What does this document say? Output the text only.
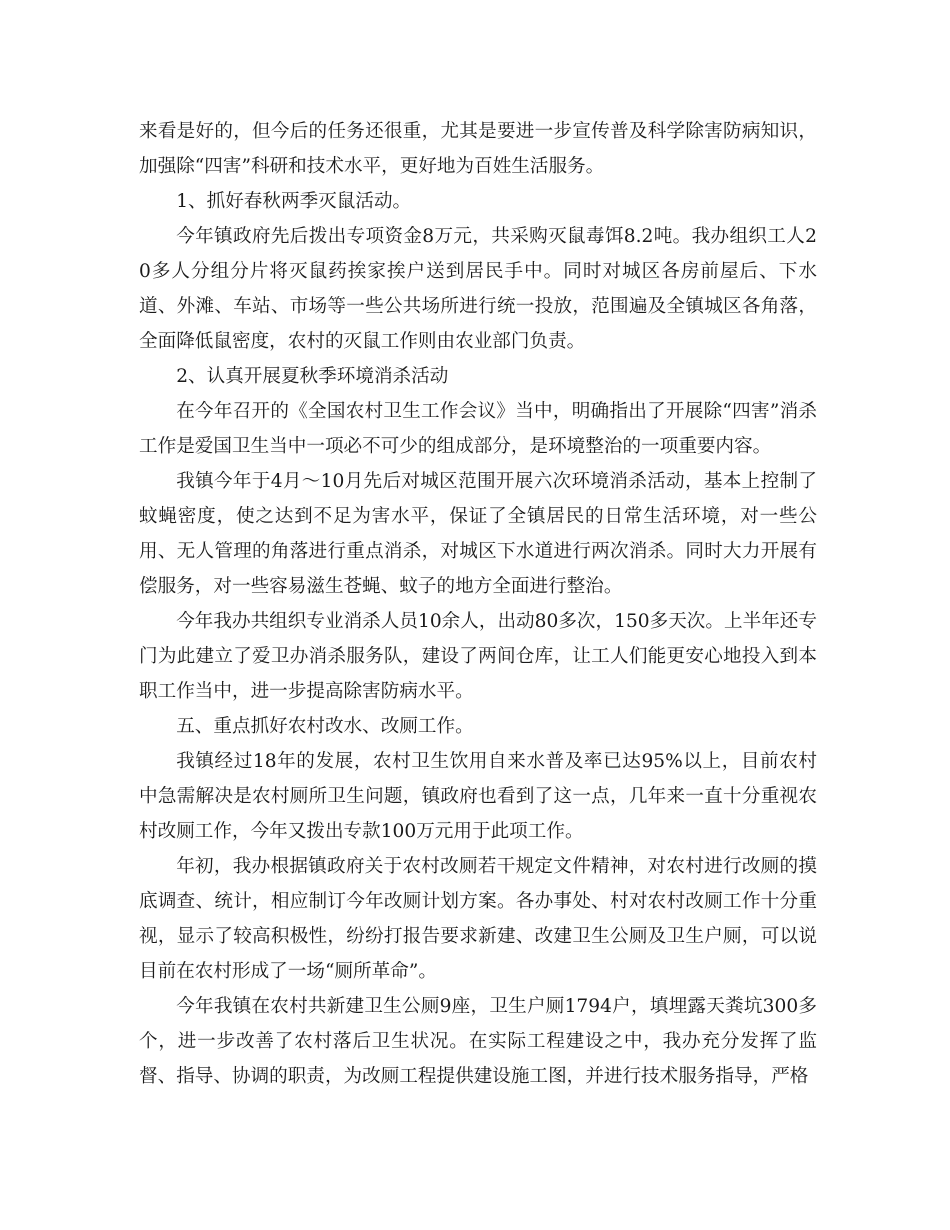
来看是好的，但今后的任务还很重，尤其是要进一步宣传普及科学除害防病知识，加强除“四害”科研和技术水平，更好地为百姓生活服务。

1、抓好春秋两季灭鼠活动。

今年镇政府先后拨出专项资金8万元，共采购灭鼠毒饵8.2吨。我办组织工人20多人分组分片将灭鼠药挨家挨户送到居民手中。同时对城区各房前屋后、下水道、外滩、车站、市场等一些公共场所进行统一投放，范围遍及全镇城区各角落，全面降低鼠密度，农村的灭鼠工作则由农业部门负责。

2、认真开展夏秋季环境消杀活动

在今年召开的《全国农村卫生工作会议》当中，明确指出了开展除“四害”消杀工作是爱国卫生当中一项必不可少的组成部分，是环境整治的一项重要内容。

我镇今年于4月～10月先后对城区范围开展六次环境消杀活动，基本上控制了蚊蝇密度，使之达到不足为害水平，保证了全镇居民的日常生活环境，对一些公用、无人管理的角落进行重点消杀，对城区下水道进行两次消杀。同时大力开展有偿服务，对一些容易滋生苍蝇、蚊子的地方全面进行整治。

今年我办共组织专业消杀人员10余人，出动80多次，150多天次。上半年还专门为此建立了爱卫办消杀服务队，建设了两间仓库，让工人们能更安心地投入到本职工作当中，进一步提高除害防病水平。

五、重点抓好农村改水、改厕工作。

我镇经过18年的发展，农村卫生饮用自来水普及率已达95%以上，目前农村中急需解决是农村厕所卫生问题，镇政府也看到了这一点，几年来一直十分重视农村改厕工作，今年又拨出专款100万元用于此项工作。

年初，我办根据镇政府关于农村改厕若干规定文件精神，对农村进行改厕的摸底调查、统计，相应制订今年改厕计划方案。各办事处、村对农村改厕工作十分重视，显示了较高积极性，纷纷打报告要求新建、改建卫生公厕及卫生户厕，可以说目前在农村形成了一场“厕所革命”。

今年我镇在农村共新建卫生公厕9座，卫生户厕1794户，填埋露天粪坑300多个，进一步改善了农村落后卫生状况。在实际工程建设之中，我办充分发挥了监督、指导、协调的职责，为改厕工程提供建设施工图，并进行技术服务指导，严格
